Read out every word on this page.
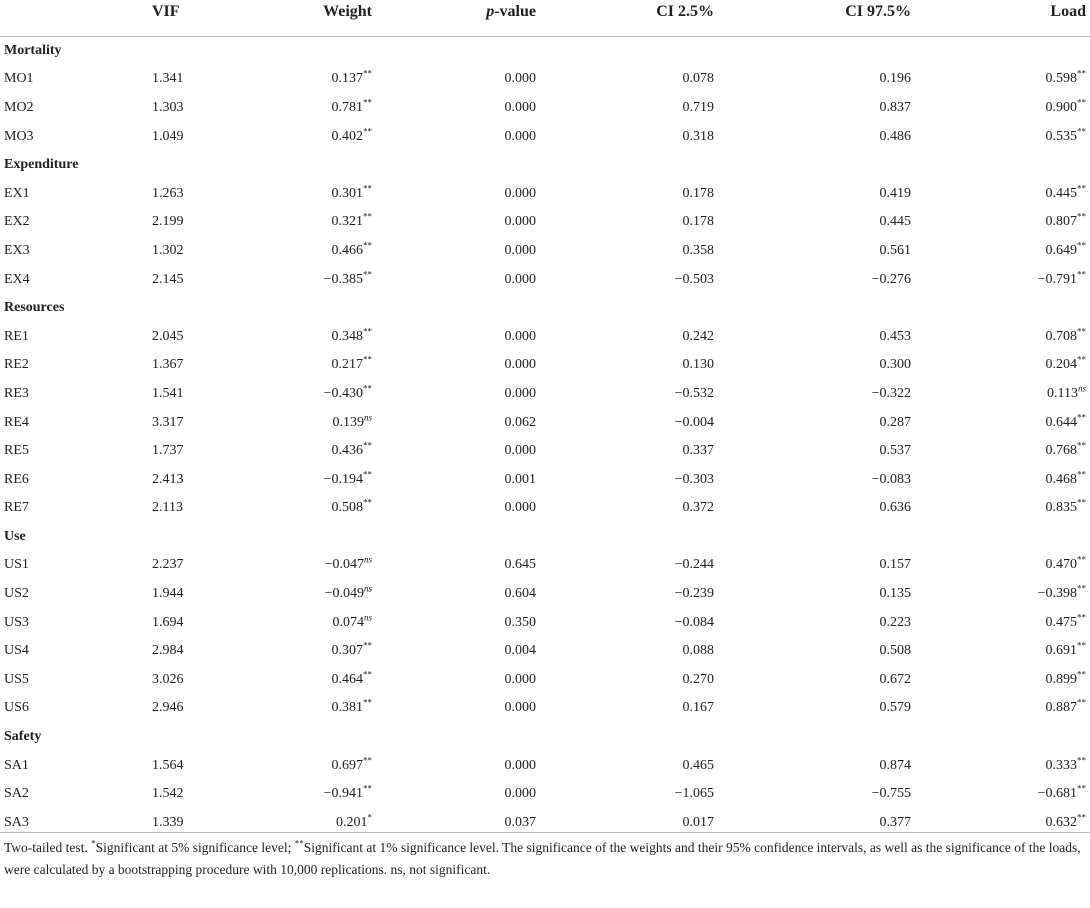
	VIF	Weight	p-value	CI 2.5%	CI 97.5%	Load
Mortality						
MO1	1.341	0.137**	0.000	0.078	0.196	0.598**
MO2	1.303	0.781**	0.000	0.719	0.837	0.900**
MO3	1.049	0.402**	0.000	0.318	0.486	0.535**
Expenditure						
EX1	1.263	0.301**	0.000	0.178	0.419	0.445**
EX2	2.199	0.321**	0.000	0.178	0.445	0.807**
EX3	1.302	0.466**	0.000	0.358	0.561	0.649**
EX4	2.145	−0.385**	0.000	−0.503	−0.276	−0.791**
Resources						
RE1	2.045	0.348**	0.000	0.242	0.453	0.708**
RE2	1.367	0.217**	0.000	0.130	0.300	0.204**
RE3	1.541	−0.430**	0.000	−0.532	−0.322	$0.113^{ns}$
RE4	3.317	$0.139^{ns}$	0.062	−0.004	0.287	0.644**
RE5	1.737	0.436**	0.000	0.337	0.537	0.768**
RE6	2.413	−0.194**	0.001	−0.303	−0.083	0.468**
RE7	2.113	0.508**	0.000	0.372	0.636	0.835**
Use						
US1	2.237	$-0.047^{ns}$	0.645	−0.244	0.157	0.470**
US2	1.944	$-0.049^{ns}$	0.604	−0.239	0.135	−0.398**
US3	1.694	$0.074^{ns}$	0.350	−0.084	0.223	0.475**
US4	2.984	0.307**	0.004	0.088	0.508	0.691**
US5	3.026	0.464**	0.000	0.270	0.672	0.899**
US6	2.946	0.381**	0.000	0.167	0.579	0.887**
Safety						
SA1	1.564	0.697**	0.000	0.465	0.874	0.333**
SA2	1.542	−0.941**	0.000	−1.065	−0.755	−0.681**
SA3	1.339	0.201*	0.037	0.017	0.377	0.632**
Two-tailed test. *Significant at 5% significance level; **Significant at 1% significance level. The significance of the weights and their 95% confidence intervals, as well as the significance of the loads, were calculated by a bootstrapping procedure with 10,000 replications. ns, not significant.
